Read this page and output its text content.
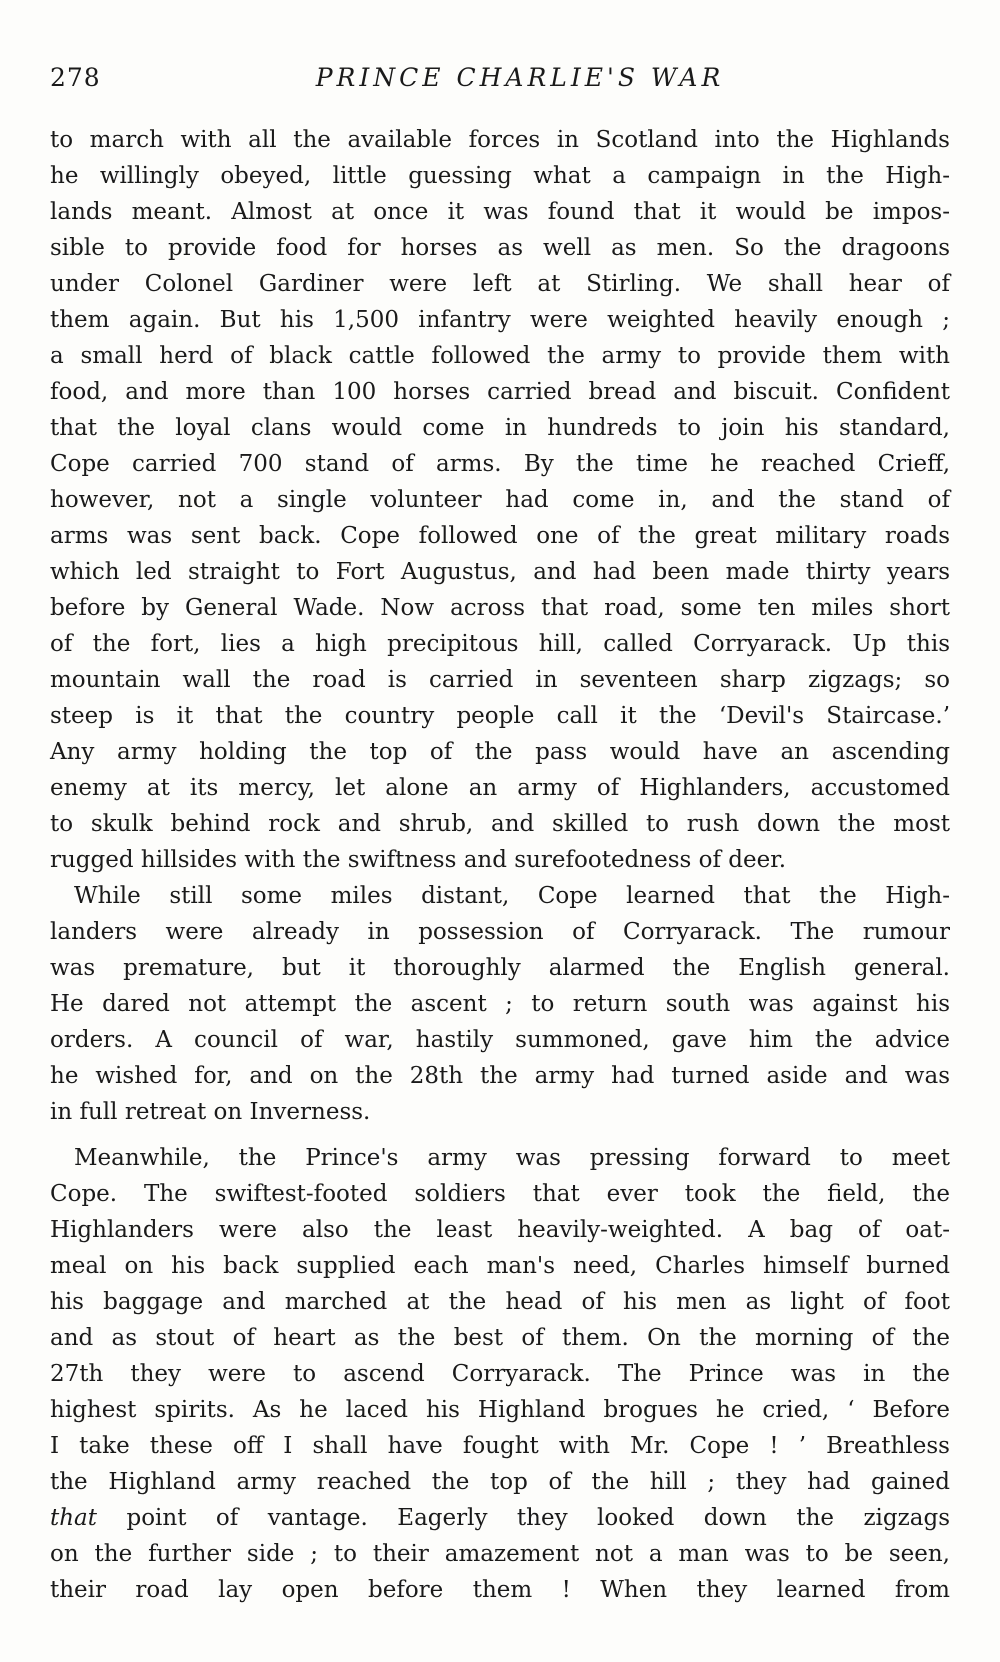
278	PRINCE CHARLIE'S WAR
to march with all the available forces in Scotland into the Highlands
he willingly obeyed, little guessing what a campaign in the High-
lands meant. Almost at once it was found that it would be impos-
sible to provide food for horses as well as men. So the dragoons
under Colonel Gardiner were left at Stirling. We shall hear of
them again. But his 1,500 infantry were weighted heavily enough ;
a small herd of black cattle followed the army to provide them with
food, and more than 100 horses carried bread and biscuit. Confident
that the loyal clans would come in hundreds to join his standard,
Cope carried 700 stand of arms. By the time he reached Crieff,
however, not a single volunteer had come in, and the stand of
arms was sent back. Cope followed one of the great military roads
which led straight to Fort Augustus, and had been made thirty years
before by General Wade. Now across that road, some ten miles short
of the fort, lies a high precipitous hill, called Corryarack. Up this
mountain wall the road is carried in seventeen sharp zigzags; so
steep is it that the country people call it the ‘Devil's Staircase.’
Any army holding the top of the pass would have an ascending
enemy at its mercy, let alone an army of Highlanders, accustomed
to skulk behind rock and shrub, and skilled to rush down the most
rugged hillsides with the swiftness and surefootedness of deer.
While still some miles distant, Cope learned that the High-
landers were already in possession of Corryarack. The rumour
was premature, but it thoroughly alarmed the English general.
He dared not attempt the ascent ; to return south was against his
orders. A council of war, hastily summoned, gave him the advice
he wished for, and on the 28th the army had turned aside and was
in full retreat on Inverness.
Meanwhile, the Prince's army was pressing forward to meet
Cope. The swiftest-footed soldiers that ever took the field, the
Highlanders were also the least heavily-weighted. A bag of oat-
meal on his back supplied each man's need, Charles himself burned
his baggage and marched at the head of his men as light of foot
and as stout of heart as the best of them. On the morning of the
27th they were to ascend Corryarack. The Prince was in the
highest spirits. As he laced his Highland brogues he cried, ‘ Before
I take these off I shall have fought with Mr. Cope ! ’ Breathless
the Highland army reached the top of the hill ; they had gained
that point of vantage. Eagerly they looked down the zigzags
on the further side ; to their amazement not a man was to be seen,
their road lay open before them ! When they learned from
